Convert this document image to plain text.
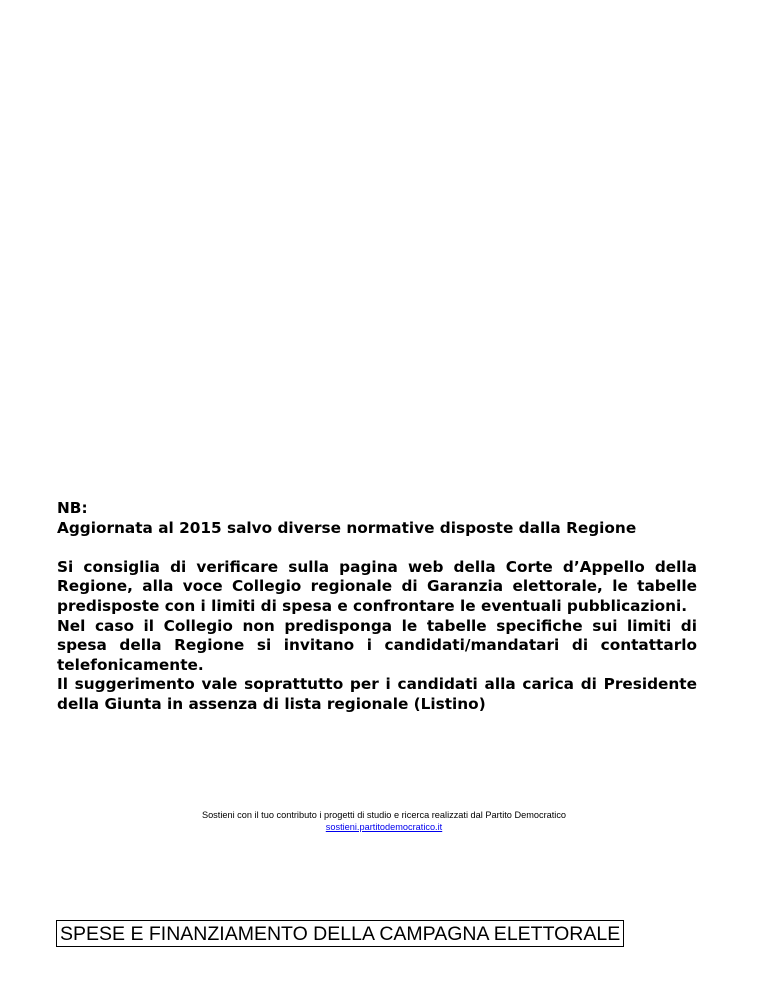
NB:

Aggiornata al 2015 salvo diverse normative disposte dalla Regione

Si consiglia di verificare sulla pagina web della Corte d’Appello della Regione, alla voce Collegio regionale di Garanzia elettorale, le tabelle predisposte con i limiti di spesa e confrontare le eventuali pubblicazioni.

Nel caso il Collegio non predisponga le tabelle specifiche sui limiti di spesa della Regione si invitano i candidati/mandatari di contattarlo telefonicamente.

Il suggerimento vale soprattutto per i candidati alla carica di Presidente della Giunta in assenza di lista regionale (Listino)

Sostieni con il tuo contributo i progetti di studio e ricerca realizzati dal Partito Democratico
sostieni.partitodemocratico.it
SPESE E FINANZIAMENTO DELLA CAMPAGNA ELETTORALE
